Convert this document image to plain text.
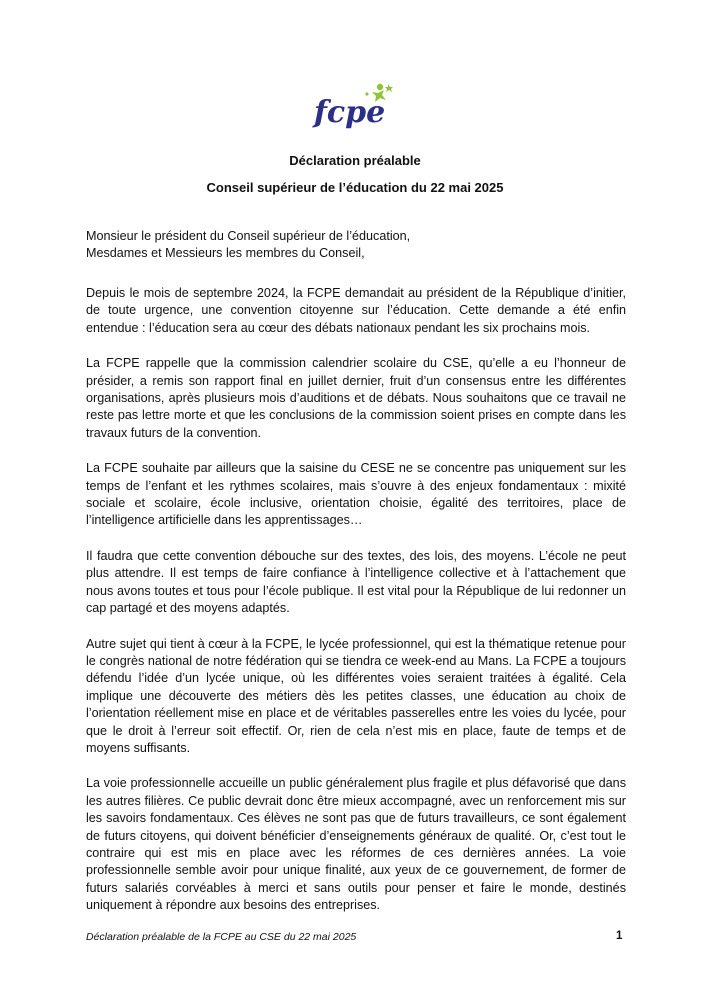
fcpe
Déclaration préalable
Conseil supérieur de l’éducation du 22 mai 2025
Monsieur le président du Conseil supérieur de l’éducation,
Mesdames et Messieurs les membres du Conseil,

Depuis le mois de septembre 2024, la FCPE demandait au président de la République d’initier, de toute urgence, une convention citoyenne sur l’éducation. Cette demande a été enfin entendue : l’éducation sera au cœur des débats nationaux pendant les six prochains mois.

La FCPE rappelle que la commission calendrier scolaire du CSE, qu’elle a eu l’honneur de présider, a remis son rapport final en juillet dernier, fruit d’un consensus entre les différentes organisations, après plusieurs mois d’auditions et de débats. Nous souhaitons que ce travail ne reste pas lettre morte et que les conclusions de la commission soient prises en compte dans les travaux futurs de la convention.

La FCPE souhaite par ailleurs que la saisine du CESE ne se concentre pas uniquement sur les temps de l’enfant et les rythmes scolaires, mais s’ouvre à des enjeux fondamentaux : mixité sociale et scolaire, école inclusive, orientation choisie, égalité des territoires, place de l’intelligence artificielle dans les apprentissages…

Il faudra que cette convention débouche sur des textes, des lois, des moyens. L’école ne peut plus attendre. Il est temps de faire confiance à l’intelligence collective et à l’attachement que nous avons toutes et tous pour l’école publique. Il est vital pour la République de lui redonner un cap partagé et des moyens adaptés.

Autre sujet qui tient à cœur à la FCPE, le lycée professionnel, qui est la thématique retenue pour le congrès national de notre fédération qui se tiendra ce week-end au Mans. La FCPE a toujours défendu l’idée d’un lycée unique, où les différentes voies seraient traitées à égalité. Cela implique une découverte des métiers dès les petites classes, une éducation au choix de l’orientation réellement mise en place et de véritables passerelles entre les voies du lycée, pour que le droit à l’erreur soit effectif. Or, rien de cela n’est mis en place, faute de temps et de moyens suffisants.

La voie professionnelle accueille un public généralement plus fragile et plus défavorisé que dans les autres filières. Ce public devrait donc être mieux accompagné, avec un renforcement mis sur les savoirs fondamentaux. Ces élèves ne sont pas que de futurs travailleurs, ce sont également de futurs citoyens, qui doivent bénéficier d’enseignements généraux de qualité. Or, c’est tout le contraire qui est mis en place avec les réformes de ces dernières années. La voie professionnelle semble avoir pour unique finalité, aux yeux de ce gouvernement, de former de futurs salariés corvéables à merci et sans outils pour penser et faire le monde, destinés uniquement à répondre aux besoins des entreprises.

Déclaration préalable de la FCPE au CSE du 22 mai 2025	1
